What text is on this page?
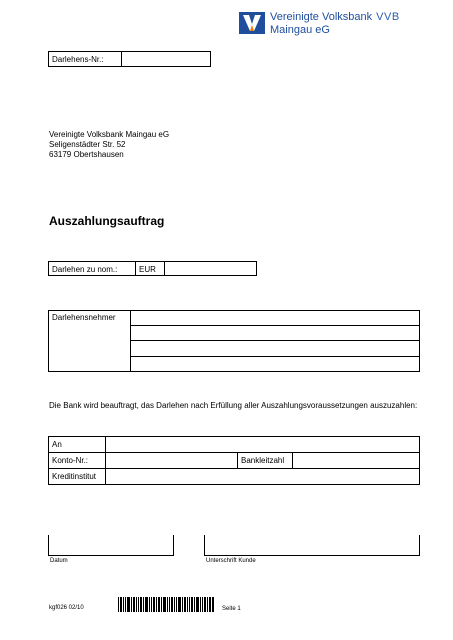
Vereinigte Volksbank VVB
Maingau eG
Darlehens-Nr.:
Vereinigte Volksbank Maingau eG
Seligenstädter Str. 52
63179 Obertshausen
Auszahlungsauftrag
Darlehen zu nom.:	EUR
Darlehensnehmer
Die Bank wird beauftragt, das Darlehen nach Erfüllung aller Auszahlungsvoraussetzungen auszuzahlen:
An
Konto-Nr.:	Bankleitzahl
Kreditinstitut
Datum	Unterschrift Kunde
kgf026 02/10	Seite 1
